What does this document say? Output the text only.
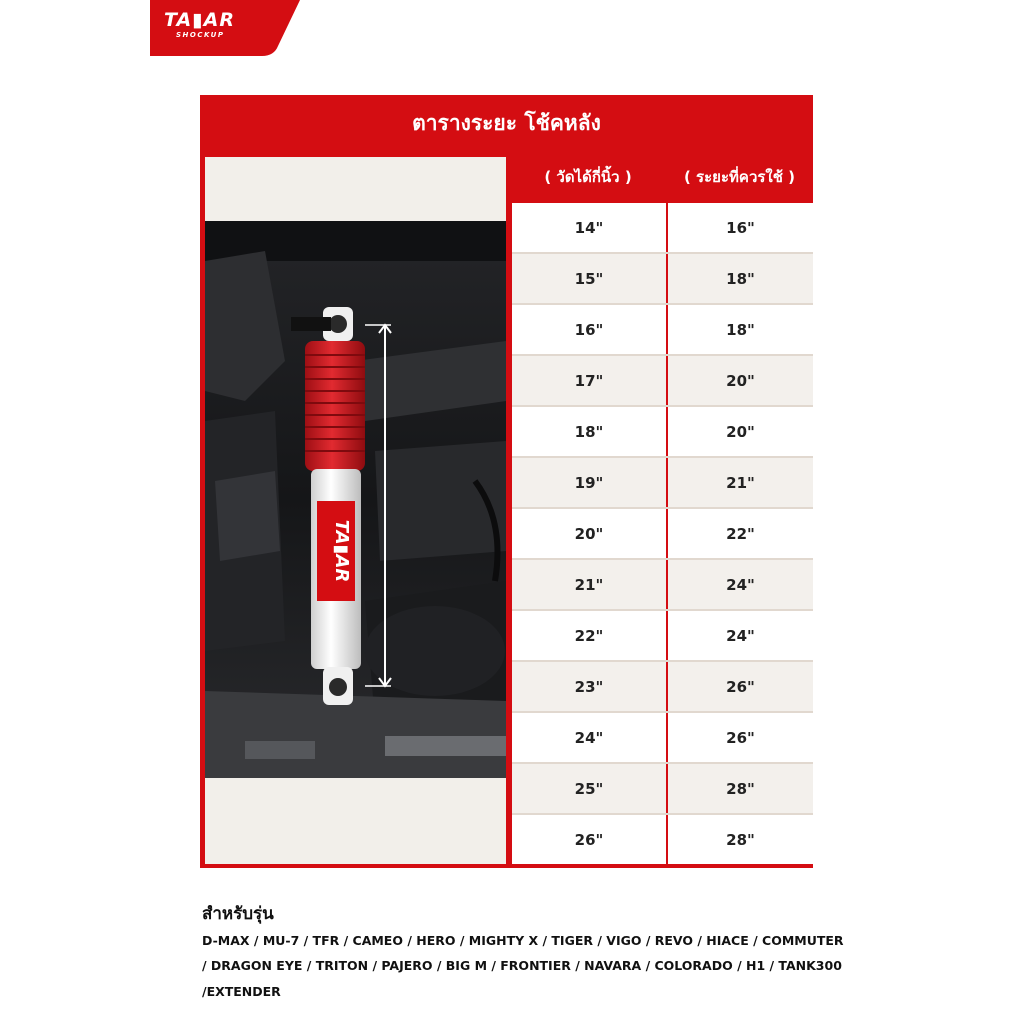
TA▮AR
SHOCKUP
ตารางระยะ โช้คหลัง
TA▮AR
( วัดได้กี่นิ้ว )	( ระยะที่ควรใช้ )
14"	16"
15"	18"
16"	18"
17"	20"
18"	20"
19"	21"
20"	22"
21"	24"
22"	24"
23"	26"
24"	26"
25"	28"
26"	28"
สำหรับรุ่น
D-MAX / MU-7 / TFR / CAMEO / HERO / MIGHTY X / TIGER / VIGO / REVO / HIACE / COMMUTER
/ DRAGON EYE / TRITON / PAJERO / BIG M / FRONTIER / NAVARA / COLORADO / H1 / TANK300
/EXTENDER
